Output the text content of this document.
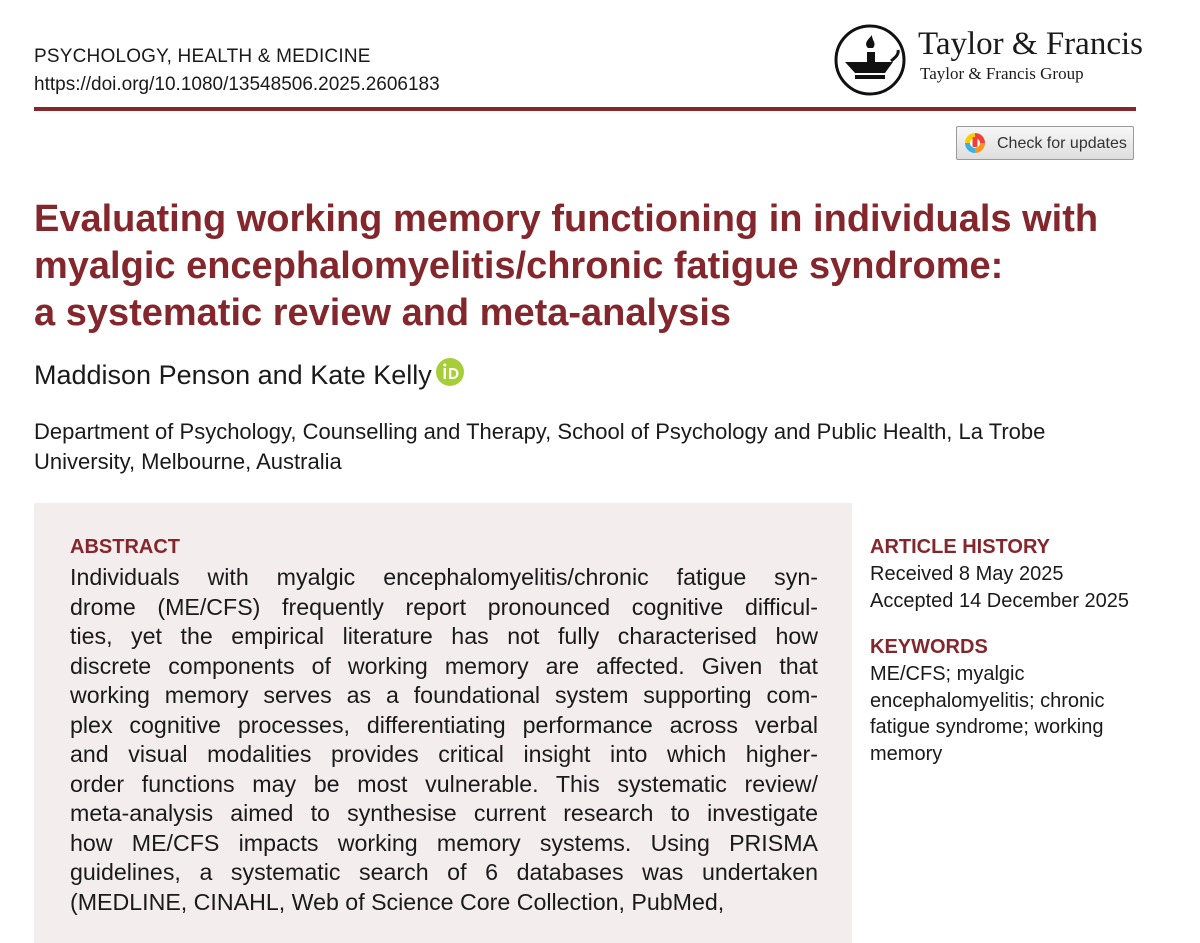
PSYCHOLOGY, HEALTH & MEDICINE
https://doi.org/10.1080/13548506.2025.2606183
Taylor & Francis
Taylor & Francis Group
Check for updates
Evaluating working memory functioning in individuals with
myalgic encephalomyelitis/chronic fatigue syndrome:
a systematic review and meta-analysis
Maddison Penson and Kate Kelly
Department of Psychology, Counselling and Therapy, School of Psychology and Public Health, La Trobe
University, Melbourne, Australia
ABSTRACT
Individuals with myalgic encephalomyelitis/chronic fatigue syn-
drome (ME/CFS) frequently report pronounced cognitive difficul-
ties, yet the empirical literature has not fully characterised how
discrete components of working memory are affected. Given that
working memory serves as a foundational system supporting com-
plex cognitive processes, differentiating performance across verbal
and visual modalities provides critical insight into which higher-
order functions may be most vulnerable. This systematic review/
meta-analysis aimed to synthesise current research to investigate
how ME/CFS impacts working memory systems. Using PRISMA
guidelines, a systematic search of 6 databases was undertaken
(MEDLINE, CINAHL, Web of Science Core Collection, PubMed,
ARTICLE HISTORY
Received 8 May 2025
Accepted 14 December 2025
KEYWORDS
ME/CFS; myalgic
encephalomyelitis; chronic
fatigue syndrome; working
memory
